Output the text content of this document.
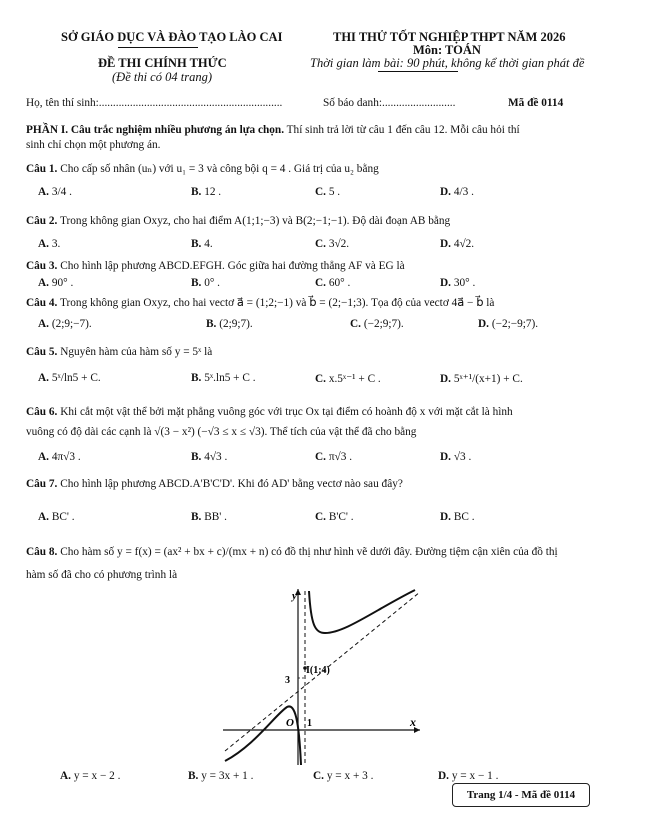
SỞ GIÁO DỤC VÀ ĐÀO TẠO LÀO CAI
ĐỀ THI CHÍNH THỨC
(Đề thi có 04 trang)
THI THỬ TỐT NGHIỆP THPT NĂM 2026
Môn: TOÁN
Thời gian làm bài: 90 phút, không kể thời gian phát đề
Họ, tên thí sinh:.................................................................	Số báo danh:..........................	Mã đề 0114
PHẦN I. Câu trắc nghiệm nhiều phương án lựa chọn. Thí sinh trả lời từ câu 1 đến câu 12. Mỗi câu hỏi thí
sinh chỉ chọn một phương án.
Câu 1. Cho cấp số nhân (uₙ) với u₁ = 3 và công bội q = 4 . Giá trị của u₂ bằng
A. 3/4 .	B. 12 .	C. 5 .	D. 4/3 .
Câu 2. Trong không gian Oxyz, cho hai điểm A(1;1;−3) và B(2;−1;−1). Độ dài đoạn AB bằng
A. 3.	B. 4.	C. 3√2.	D. 4√2.
Câu 3. Cho hình lập phương ABCD.EFGH. Góc giữa hai đường thẳng AF và EG là
A. 90° .	B. 0° .	C. 60° .	D. 30° .
Câu 4. Trong không gian Oxyz, cho hai vectơ a⃗ = (1;2;−1) và b⃗ = (2;−1;3). Tọa độ của vectơ 4a⃗ − b⃗ là
A. (2;9;−7).	B. (2;9;7).	C. (−2;9;7).	D. (−2;−9;7).
Câu 5. Nguyên hàm của hàm số y = 5ˣ là
A. 5ˣ/ln5 + C.	B. 5ˣ.ln5 + C .	C. x.5ˣ⁻¹ + C .	D. 5ˣ⁺¹/(x+1) + C.
Câu 6. Khi cắt một vật thể bởi mặt phẳng vuông góc với trục Ox tại điểm có hoành độ x với mặt cắt là hình
vuông có độ dài các cạnh là √(3 − x²) (−√3 ≤ x ≤ √3). Thể tích của vật thể đã cho bằng
A. 4π√3 .	B. 4√3 .	C. π√3 .	D. √3 .
Câu 7. Cho hình lập phương ABCD.A'B'C'D'. Khi đó AD' bằng vectơ nào sau đây?
A. BC' .	B. BB' .	C. B'C' .	D. BC .
Câu 8. Cho hàm số y = f(x) = (ax² + bx + c)/(mx + n) có đồ thị như hình vẽ dưới đây. Đường tiệm cận xiên của đồ thị
hàm số đã cho có phương trình là
y
x
O
I(1;4)
3
1
A. y = x − 2 .	B. y = 3x + 1 .	C. y = x + 3 .	D. y = x − 1 .
Trang 1/4 - Mã đề 0114
